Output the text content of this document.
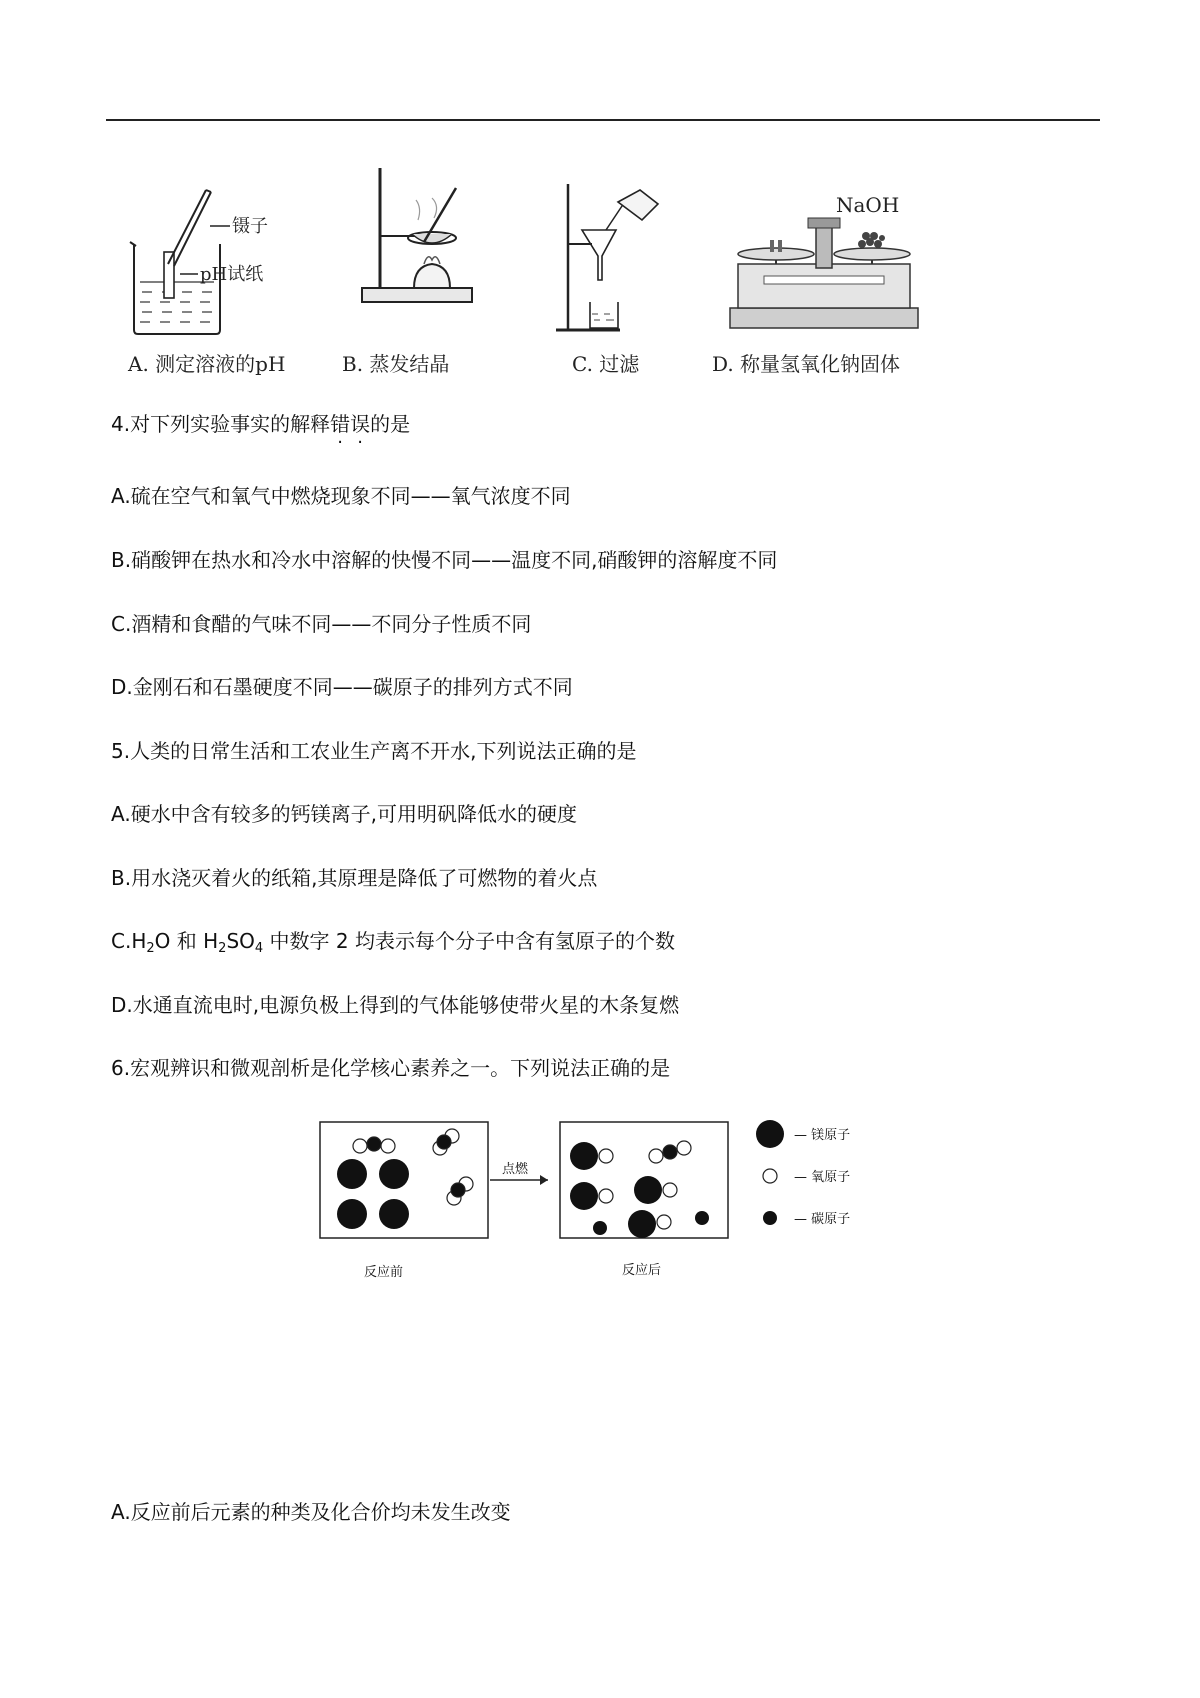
镊子
pH试纸
NaOH
A. 测定溶液的pH	B. 蒸发结晶	C. 过滤	D. 称量氢氧化钠固体
4.对下列实验事实的解释错误的是
A.硫在空气和氧气中燃烧现象不同——氧气浓度不同
B.硝酸钾在热水和冷水中溶解的快慢不同——温度不同,硝酸钾的溶解度不同
C.酒精和食醋的气味不同——不同分子性质不同
D.金刚石和石墨硬度不同——碳原子的排列方式不同
5.人类的日常生活和工农业生产离不开水,下列说法正确的是
A.硬水中含有较多的钙镁离子,可用明矾降低水的硬度
B.用水浇灭着火的纸箱,其原理是降低了可燃物的着火点
$C.H_2O$ 和 $H_2SO_4$ 中数字 2 均表示每个分子中含有氢原子的个数
D.水通直流电时,电源负极上得到的气体能够使带火星的木条复燃
6.宏观辨识和微观剖析是化学核心素养之一。下列说法正确的是
点燃
— 镁原子
— 氧原子
— 碳原子
反应前	反应后
A.反应前后元素的种类及化合价均未发生改变
